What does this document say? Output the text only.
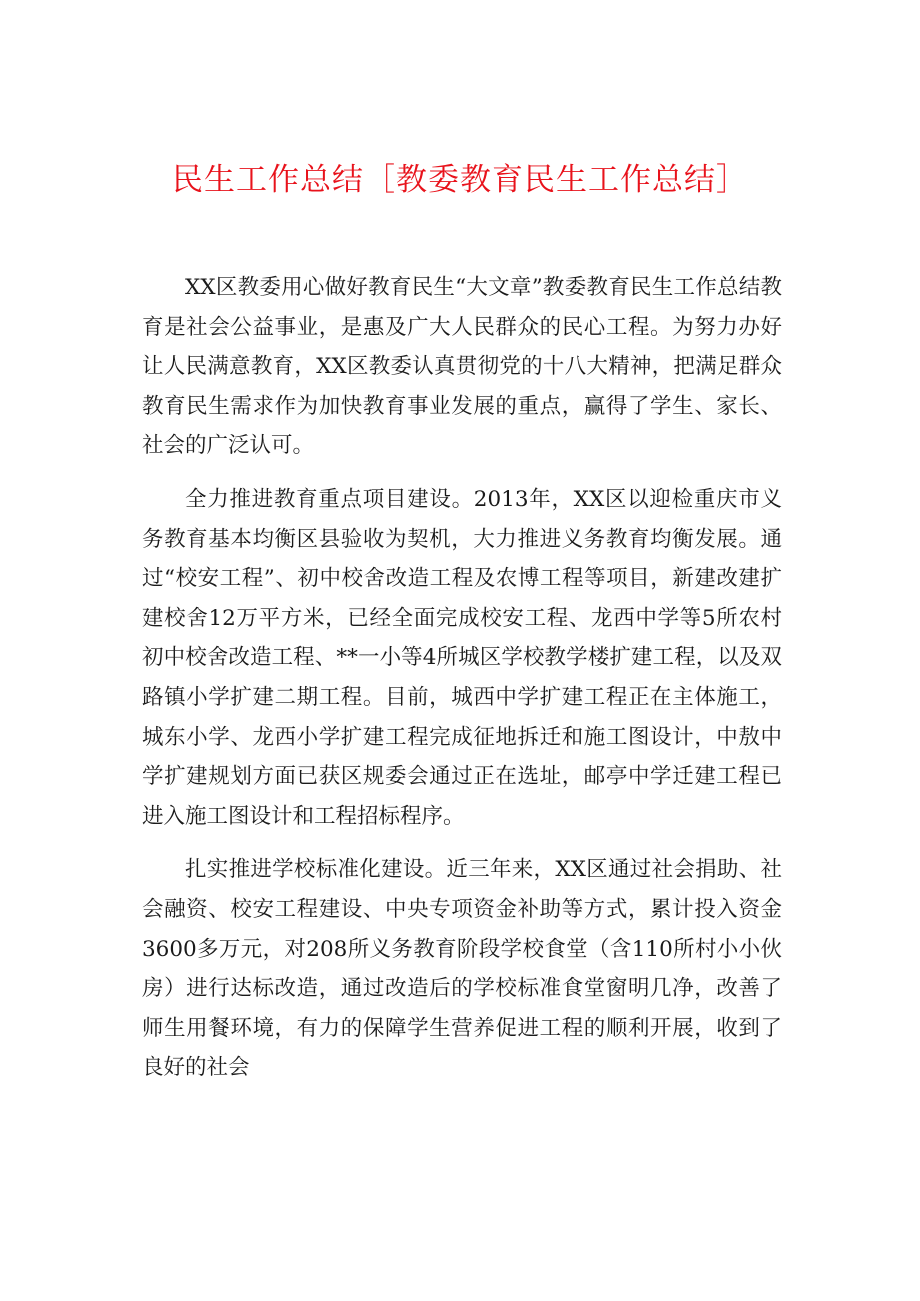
民生工作总结［教委教育民生工作总结］

XX区教委用心做好教育民生“大文章”教委教育民生工作总结教育是社会公益事业，是惠及广大人民群众的民心工程。为努力办好让人民满意教育，XX区教委认真贯彻党的十八大精神，把满足群众教育民生需求作为加快教育事业发展的重点，赢得了学生、家长、社会的广泛认可。

全力推进教育重点项目建设。2013年，XX区以迎检重庆市义务教育基本均衡区县验收为契机，大力推进义务教育均衡发展。通过“校安工程”、初中校舍改造工程及农博工程等项目，新建改建扩建校舍12万平方米，已经全面完成校安工程、龙西中学等5所农村初中校舍改造工程、**一小等4所城区学校教学楼扩建工程，以及双路镇小学扩建二期工程。目前，城西中学扩建工程正在主体施工，城东小学、龙西小学扩建工程完成征地拆迁和施工图设计，中敖中学扩建规划方面已获区规委会通过正在选址，邮亭中学迁建工程已进入施工图设计和工程招标程序。

扎实推进学校标准化建设。近三年来，XX区通过社会捐助、社会融资、校安工程建设、中央专项资金补助等方式，累计投入资金3600多万元，对208所义务教育阶段学校食堂（含110所村小小伙房）进行达标改造，通过改造后的学校标准食堂窗明几净，改善了师生用餐环境，有力的保障学生营养促进工程的顺利开展，收到了良好的社会
